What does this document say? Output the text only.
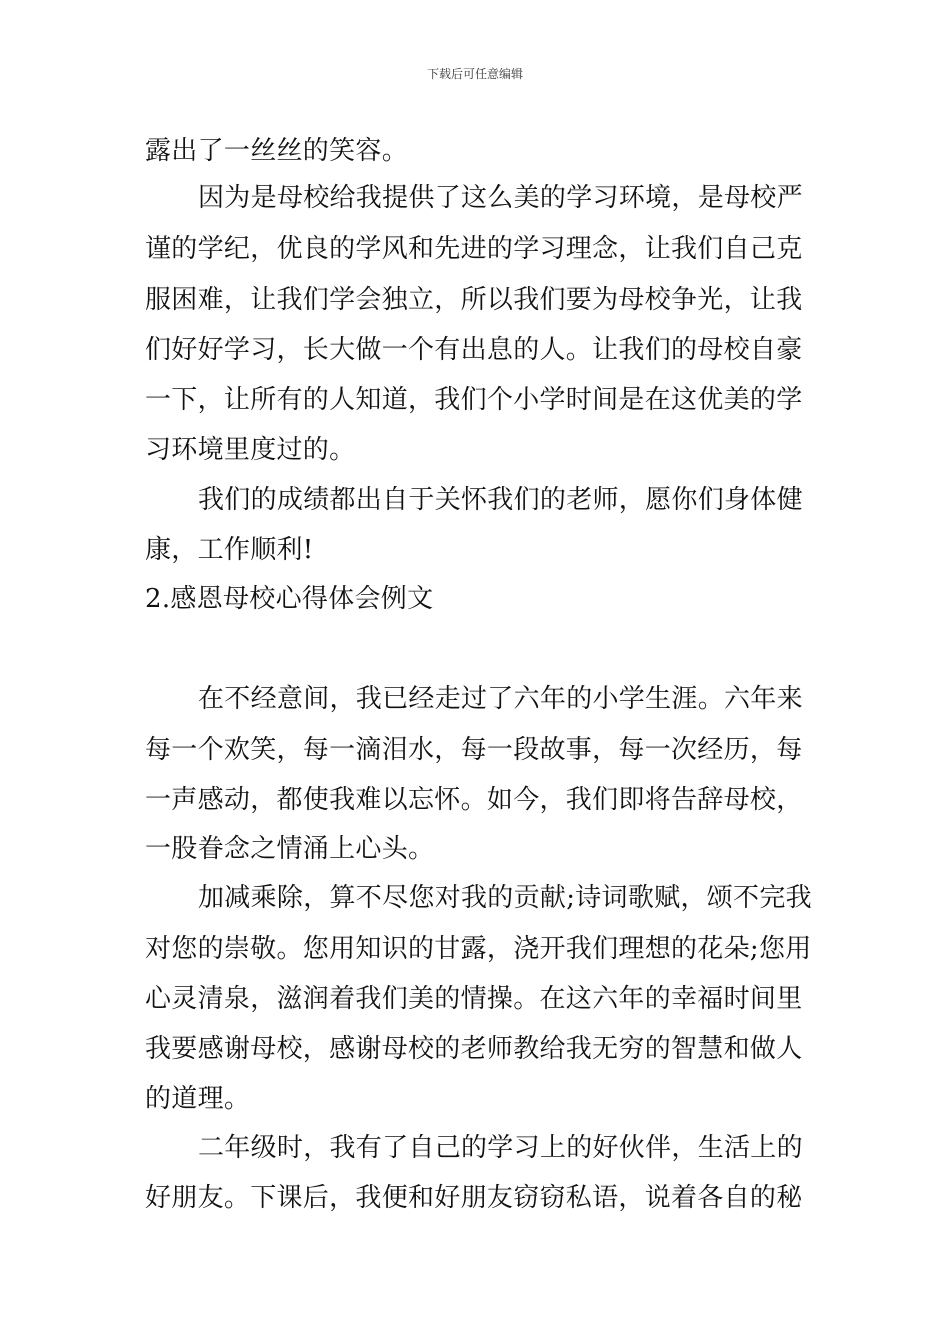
下载后可任意编辑
露出了一丝丝的笑容。
因为是母校给我提供了这么美的学习环境，是母校严
谨的学纪，优良的学风和先进的学习理念，让我们自己克
服困难，让我们学会独立，所以我们要为母校争光，让我
们好好学习，长大做一个有出息的人。让我们的母校自豪
一下，让所有的人知道，我们个小学时间是在这优美的学
习环境里度过的。
我们的成绩都出自于关怀我们的老师，愿你们身体健
康，工作顺利!
2.感恩母校心得体会例文
在不经意间，我已经走过了六年的小学生涯。六年来
每一个欢笑，每一滴泪水，每一段故事，每一次经历，每
一声感动，都使我难以忘怀。如今，我们即将告辞母校，
一股眷念之情涌上心头。
加减乘除，算不尽您对我的贡献;诗词歌赋，颂不完我
对您的崇敬。您用知识的甘露，浇开我们理想的花朵;您用
心灵清泉，滋润着我们美的情操。在这六年的幸福时间里
我要感谢母校，感谢母校的老师教给我无穷的智慧和做人
的道理。
二年级时，我有了自己的学习上的好伙伴，生活上的
好朋友。下课后，我便和好朋友窃窃私语，说着各自的秘
